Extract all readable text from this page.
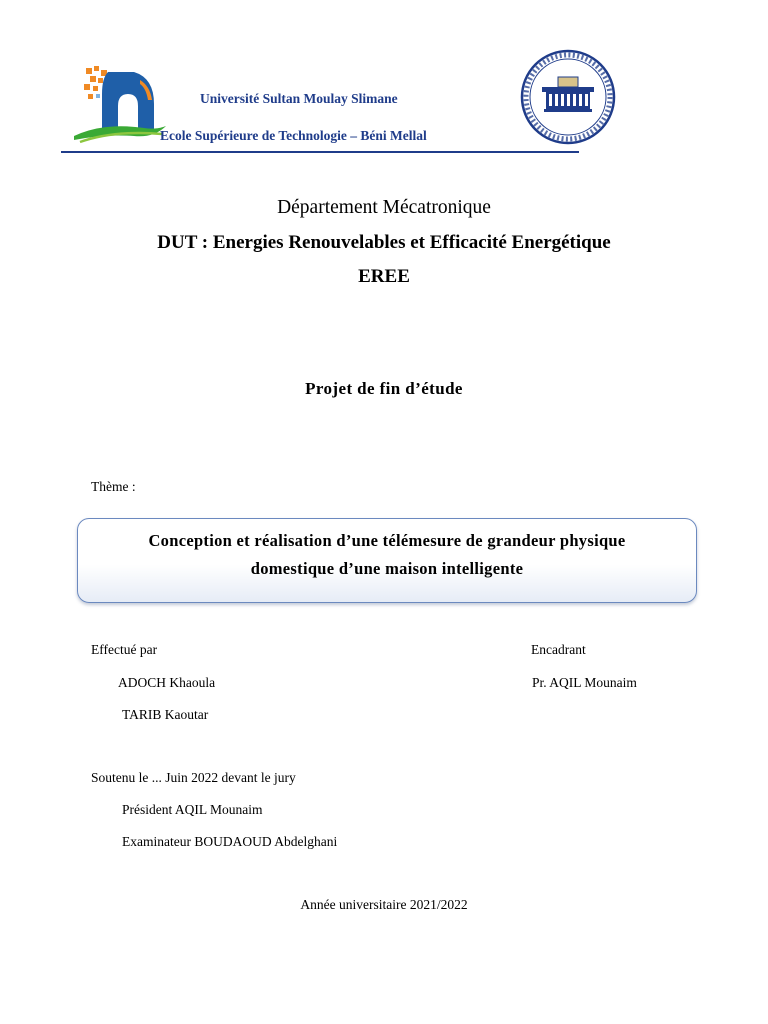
Université Sultan Moulay Slimane
Ecole Supérieure de Technologie – Béni Mellal
Département Mécatronique
DUT : Energies Renouvelables et Efficacité Energétique
EREE
Projet de fin d’étude
Thème :
Conception et réalisation d’une télémesure de grandeur physique
domestique d’une maison intelligente
Effectué par
ADOCH Khaoula
TARIB Kaoutar
Encadrant
Pr. AQIL Mounaim
Soutenu le ... Juin 2022 devant le jury
Président AQIL Mounaim
Examinateur BOUDAOUD Abdelghani
Année universitaire 2021/2022
